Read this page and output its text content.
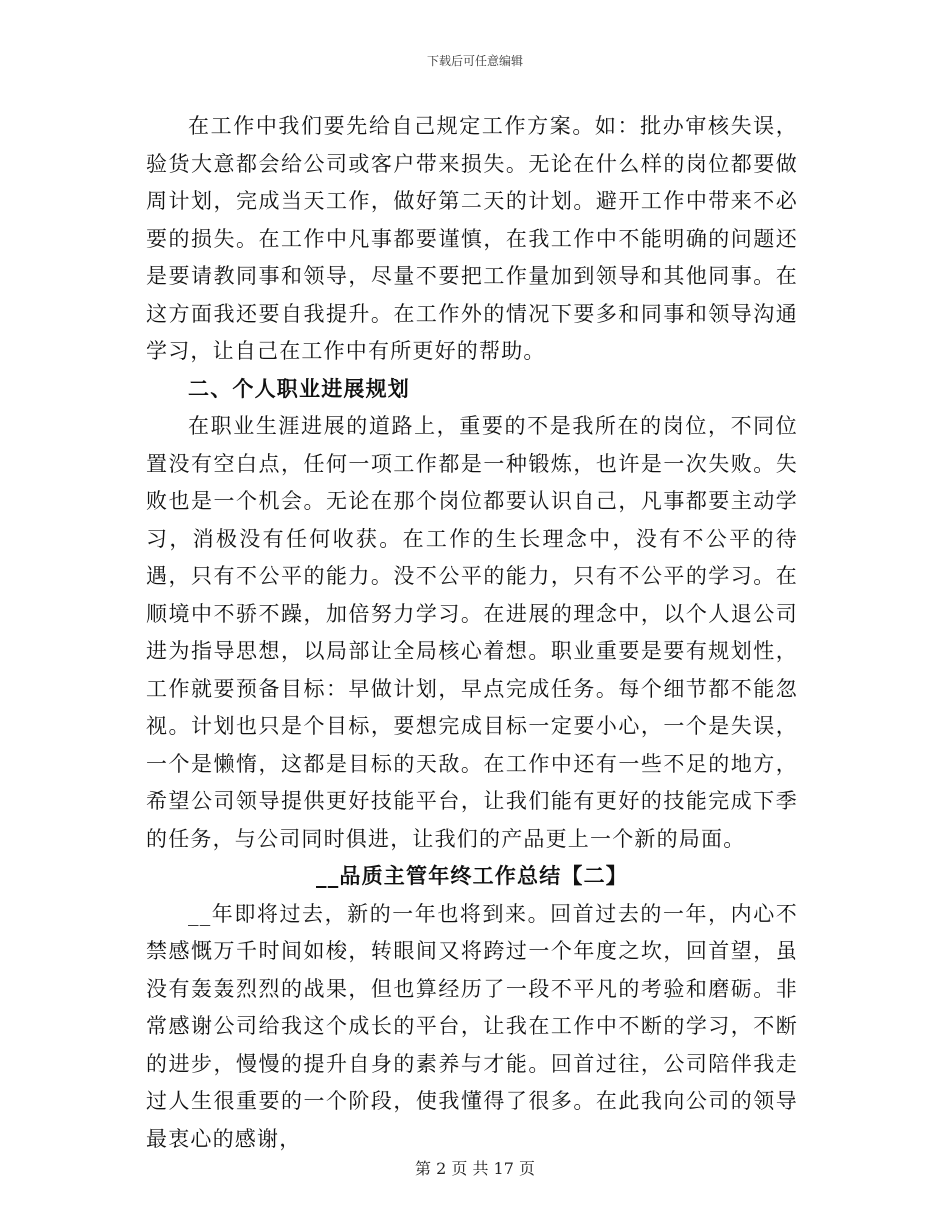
下载后可任意编辑

在工作中我们要先给自己规定工作方案。如：批办审核失误，验货大意都会给公司或客户带来损失。无论在什么样的岗位都要做周计划，完成当天工作，做好第二天的计划。避开工作中带来不必要的损失。在工作中凡事都要谨慎，在我工作中不能明确的问题还是要请教同事和领导，尽量不要把工作量加到领导和其他同事。在这方面我还要自我提升。在工作外的情况下要多和同事和领导沟通学习，让自己在工作中有所更好的帮助。

二、个人职业进展规划

在职业生涯进展的道路上，重要的不是我所在的岗位，不同位置没有空白点，任何一项工作都是一种锻炼，也许是一次失败。失败也是一个机会。无论在那个岗位都要认识自己，凡事都要主动学习，消极没有任何收获。在工作的生长理念中，没有不公平的待遇，只有不公平的能力。没不公平的能力，只有不公平的学习。在顺境中不骄不躁，加倍努力学习。在进展的理念中，以个人退公司进为指导思想，以局部让全局核心着想。职业重要是要有规划性，工作就要预备目标：早做计划，早点完成任务。每个细节都不能忽视。计划也只是个目标，要想完成目标一定要小心，一个是失误，一个是懒惰，这都是目标的天敌。在工作中还有一些不足的地方，希望公司领导提供更好技能平台，让我们能有更好的技能完成下季的任务，与公司同时俱进，让我们的产品更上一个新的局面。

__品质主管年终工作总结【二】

__年即将过去，新的一年也将到来。回首过去的一年，内心不禁感慨万千时间如梭，转眼间又将跨过一个年度之坎，回首望，虽没有轰轰烈烈的战果，但也算经历了一段不平凡的考验和磨砺。非常感谢公司给我这个成长的平台，让我在工作中不断的学习，不断的进步，慢慢的提升自身的素养与才能。回首过往，公司陪伴我走过人生很重要的一个阶段，使我懂得了很多。在此我向公司的领导最衷心的感谢，

第 2 页 共 17 页
